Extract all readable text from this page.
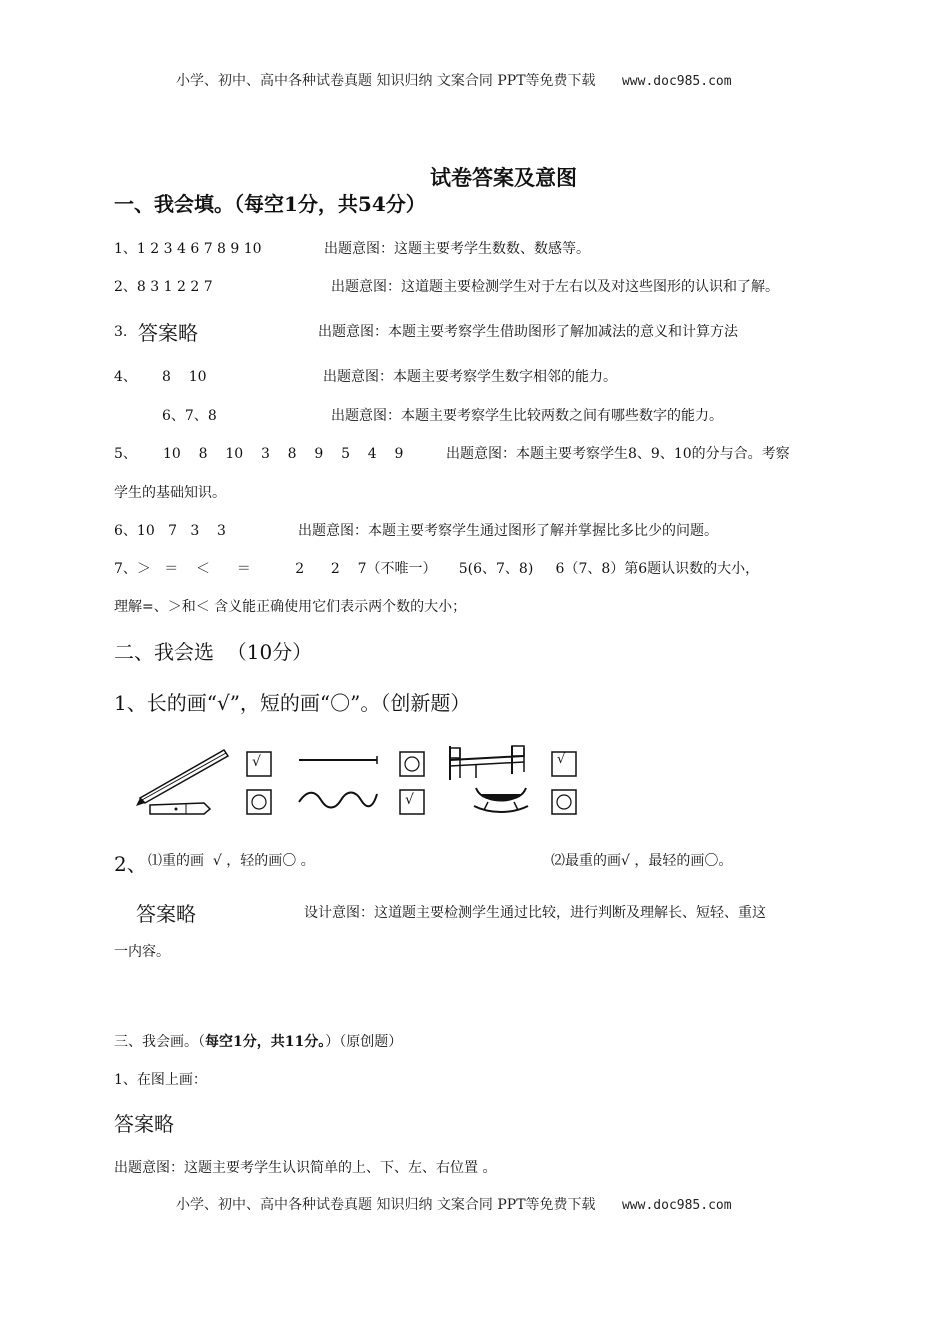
小学、初中、高中各种试卷真题 知识归纳 文案合同 PPT等免费下载 www.doc985.com
试卷答案及意图
一、我会填。（每空1分，共54分）
1、1 2 3 4 6 7 8 9 10	出题意图：这题主要考学生数数、数感等。
2、8 3 1 2 2 7	出题意图：这道题主要检测学生对于左右以及对这些图形的认识和了解。
3. 答案略	出题意图：本题主要考察学生借助图形了解加减法的意义和计算方法
4、 8    10	出题意图：本题主要考察学生数字相邻的能力。
6、7、8	出题意图：本题主要考察学生比较两数之间有哪些数字的能力。
5、 10    8    10    3    8    9    5    4    9	出题意图：本题主要考察学生8、9、10的分与合。考察
学生的基础知识。
6、10   7   3    3	出题意图：本题主要考察学生通过图形了解并掌握比多比少的问题。
7、＞   ＝    ＜      ＝          2      2    7（不唯一）     5(6、7、8)     6（7、8）第6题认识数的大小，
理解=、＞和＜ 含义能正确使用它们表示两个数的大小；
二、我会选  （10分）
1、长的画“√”，短的画“〇”。（创新题）
√
√
√
2、 ⑴重的画  √ ，轻的画〇 。	⑵最重的画√ ，最轻的画〇。
答案略	设计意图：这道题主要检测学生通过比较，进行判断及理解长、短轻、重这
一内容。
三、我会画。（每空1分，共11分。）（原创题）
1、在图上画：
答案略
出题意图：这题主要考学生认识简单的上、下、左、右位置 。
小学、初中、高中各种试卷真题 知识归纳 文案合同 PPT等免费下载 www.doc985.com
